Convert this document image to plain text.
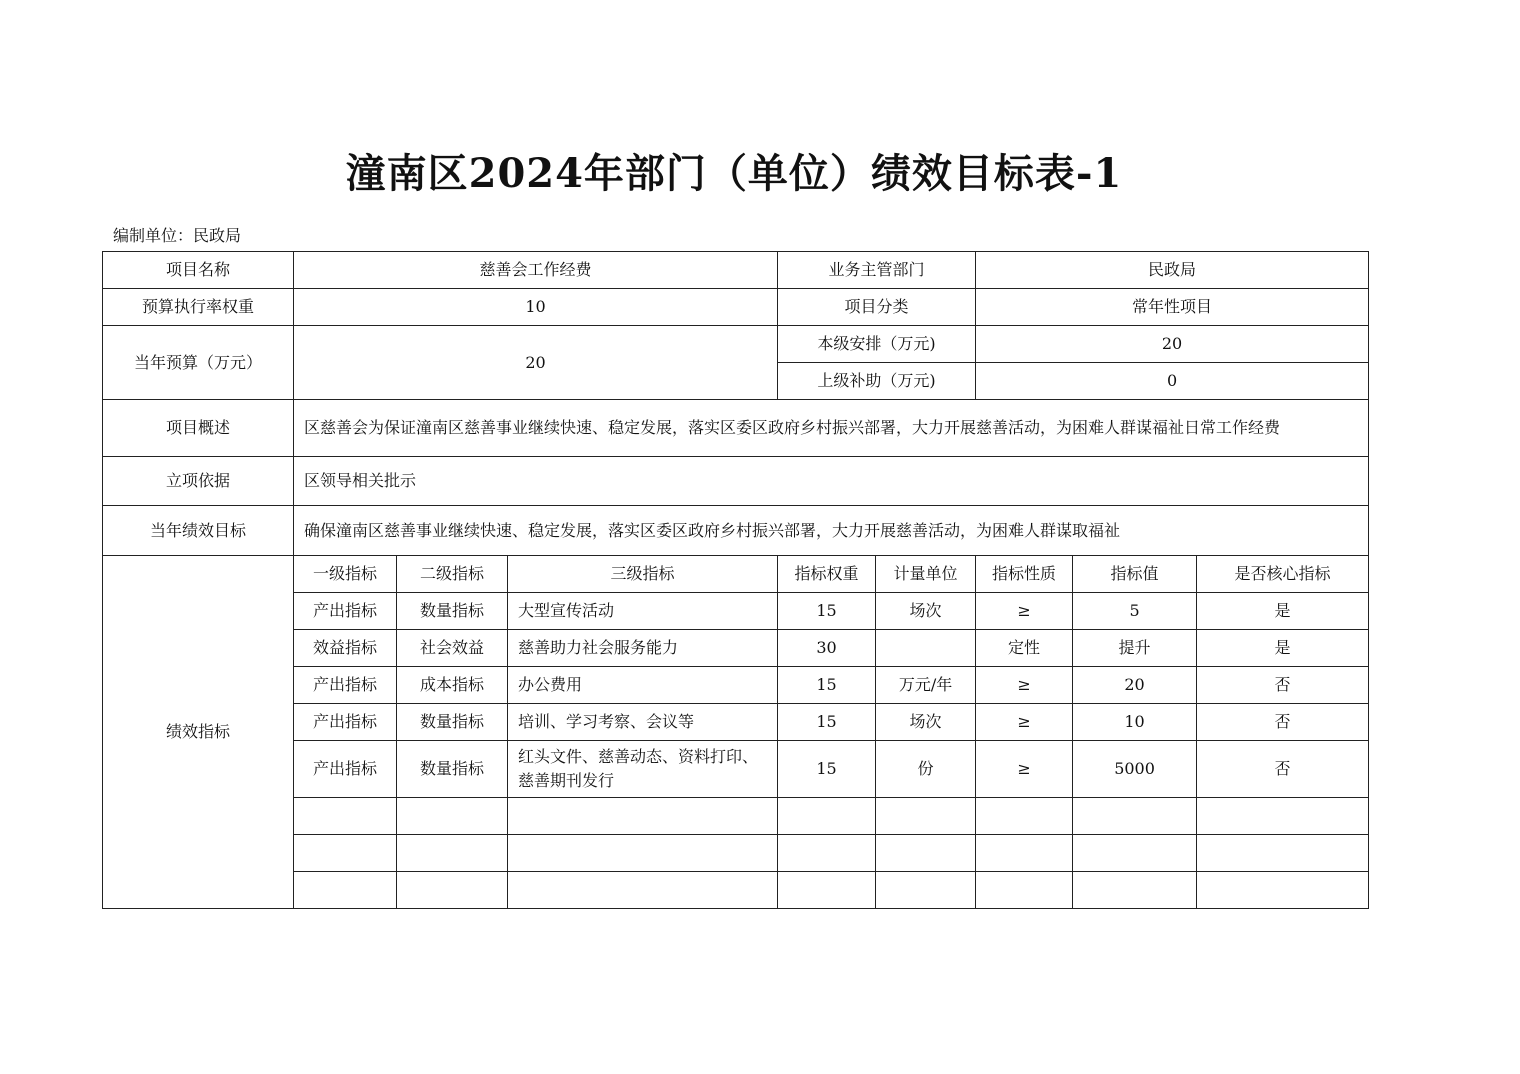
潼南区2024年部门（单位）绩效目标表-1
编制单位：民政局
项目名称	慈善会工作经费			业务主管部门		民政局		
预算执行率权重	10			项目分类		常年性项目		
当年预算（万元）	20			本级安排（万元)		20		
				上级补助（万元)		0		
项目概述	区慈善会为保证潼南区慈善事业继续快速、稳定发展，落实区委区政府乡村振兴部署，大力开展慈善活动，为困难人群谋福祉日常工作经费							
立项依据	区领导相关批示							
当年绩效目标	确保潼南区慈善事业继续快速、稳定发展，落实区委区政府乡村振兴部署，大力开展慈善活动，为困难人群谋取福祉							
绩效指标	一级指标	二级指标	三级指标	指标权重	计量单位	指标性质	指标值	是否核心指标
	产出指标	数量指标	大型宣传活动	15	场次	≥	5	是
	效益指标	社会效益	慈善助力社会服务能力	30		定性	提升	是
	产出指标	成本指标	办公费用	15	万元/年	≥	20	否
	产出指标	数量指标	培训、学习考察、会议等	15	场次	≥	10	否
	产出指标	数量指标	红头文件、慈善动态、资料打印、慈善期刊发行	15	份	≥	5000	否
